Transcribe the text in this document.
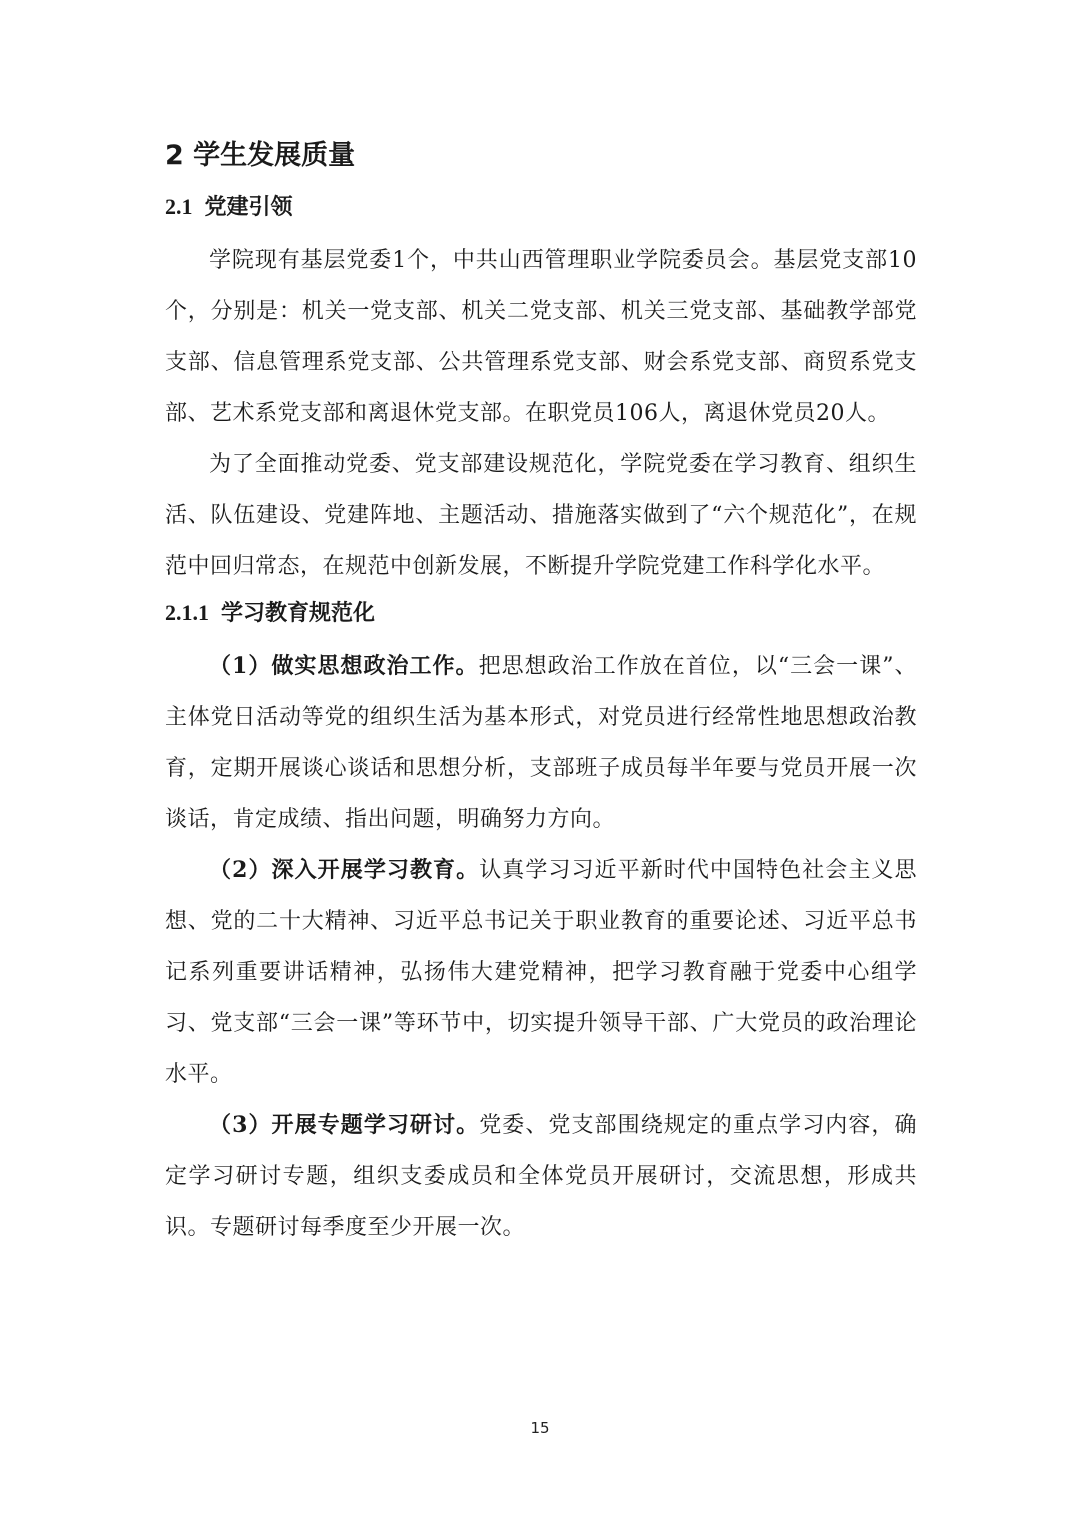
2 学生发展质量
2.1 党建引领

学院现有基层党委1个，中共山西管理职业学院委员会。基层党支部10个，分别是：机关一党支部、机关二党支部、机关三党支部、基础教学部党支部、信息管理系党支部、公共管理系党支部、财会系党支部、商贸系党支部、艺术系党支部和离退休党支部。在职党员106人，离退休党员20人。

为了全面推动党委、党支部建设规范化，学院党委在学习教育、组织生活、队伍建设、党建阵地、主题活动、措施落实做到了“六个规范化”，在规范中回归常态，在规范中创新发展，不断提升学院党建工作科学化水平。

2.1.1 学习教育规范化

（1）做实思想政治工作。把思想政治工作放在首位，以“三会一课”、主体党日活动等党的组织生活为基本形式，对党员进行经常性地思想政治教育，定期开展谈心谈话和思想分析，支部班子成员每半年要与党员开展一次谈话，肯定成绩、指出问题，明确努力方向。

（2）深入开展学习教育。认真学习习近平新时代中国特色社会主义思想、党的二十大精神、习近平总书记关于职业教育的重要论述、习近平总书记系列重要讲话精神，弘扬伟大建党精神，把学习教育融于党委中心组学习、党支部“三会一课”等环节中，切实提升领导干部、广大党员的政治理论水平。

（3）开展专题学习研讨。党委、党支部围绕规定的重点学习内容，确定学习研讨专题，组织支委成员和全体党员开展研讨，交流思想，形成共识。专题研讨每季度至少开展一次。

15
